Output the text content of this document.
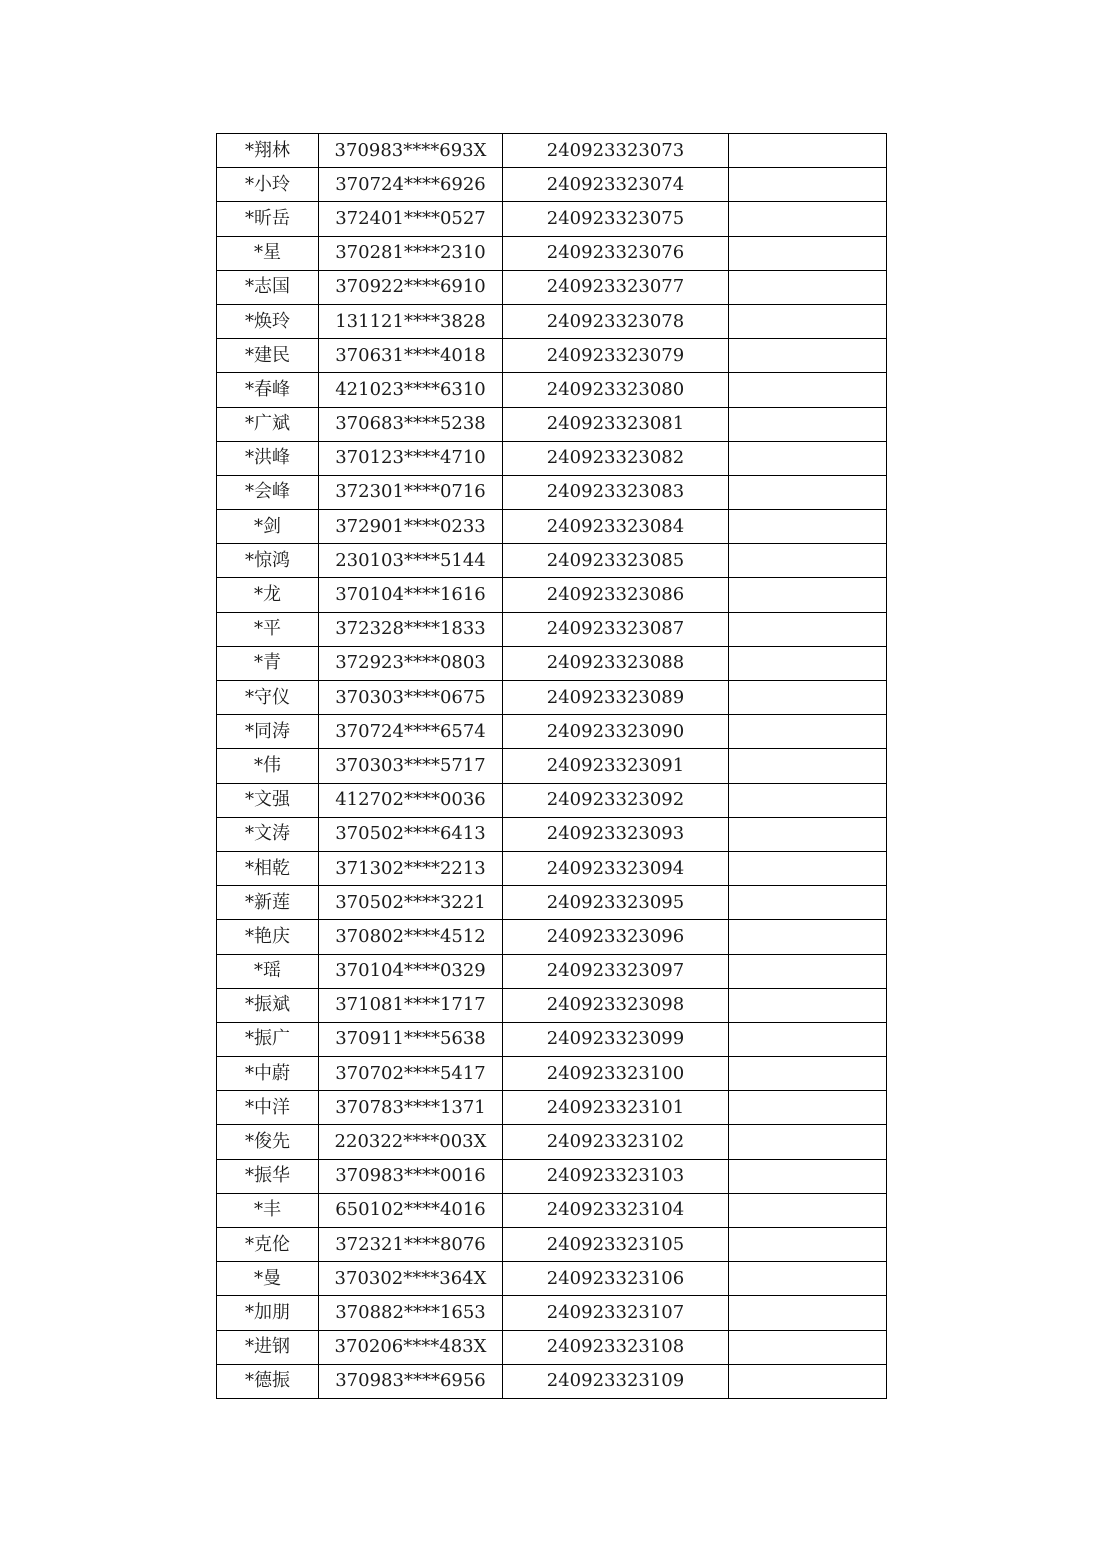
*翔林	370983****693X	240923323073	
*小玲	370724****6926	240923323074	
*昕岳	372401****0527	240923323075	
*星	370281****2310	240923323076	
*志国	370922****6910	240923323077	
*焕玲	131121****3828	240923323078	
*建民	370631****4018	240923323079	
*春峰	421023****6310	240923323080	
*广斌	370683****5238	240923323081	
*洪峰	370123****4710	240923323082	
*会峰	372301****0716	240923323083	
*剑	372901****0233	240923323084	
*惊鸿	230103****5144	240923323085	
*龙	370104****1616	240923323086	
*平	372328****1833	240923323087	
*青	372923****0803	240923323088	
*守仪	370303****0675	240923323089	
*同涛	370724****6574	240923323090	
*伟	370303****5717	240923323091	
*文强	412702****0036	240923323092	
*文涛	370502****6413	240923323093	
*相乾	371302****2213	240923323094	
*新莲	370502****3221	240923323095	
*艳庆	370802****4512	240923323096	
*瑶	370104****0329	240923323097	
*振斌	371081****1717	240923323098	
*振广	370911****5638	240923323099	
*中蔚	370702****5417	240923323100	
*中洋	370783****1371	240923323101	
*俊先	220322****003X	240923323102	
*振华	370983****0016	240923323103	
*丰	650102****4016	240923323104	
*克伦	372321****8076	240923323105	
*曼	370302****364X	240923323106	
*加朋	370882****1653	240923323107	
*进钢	370206****483X	240923323108	
*德振	370983****6956	240923323109	
